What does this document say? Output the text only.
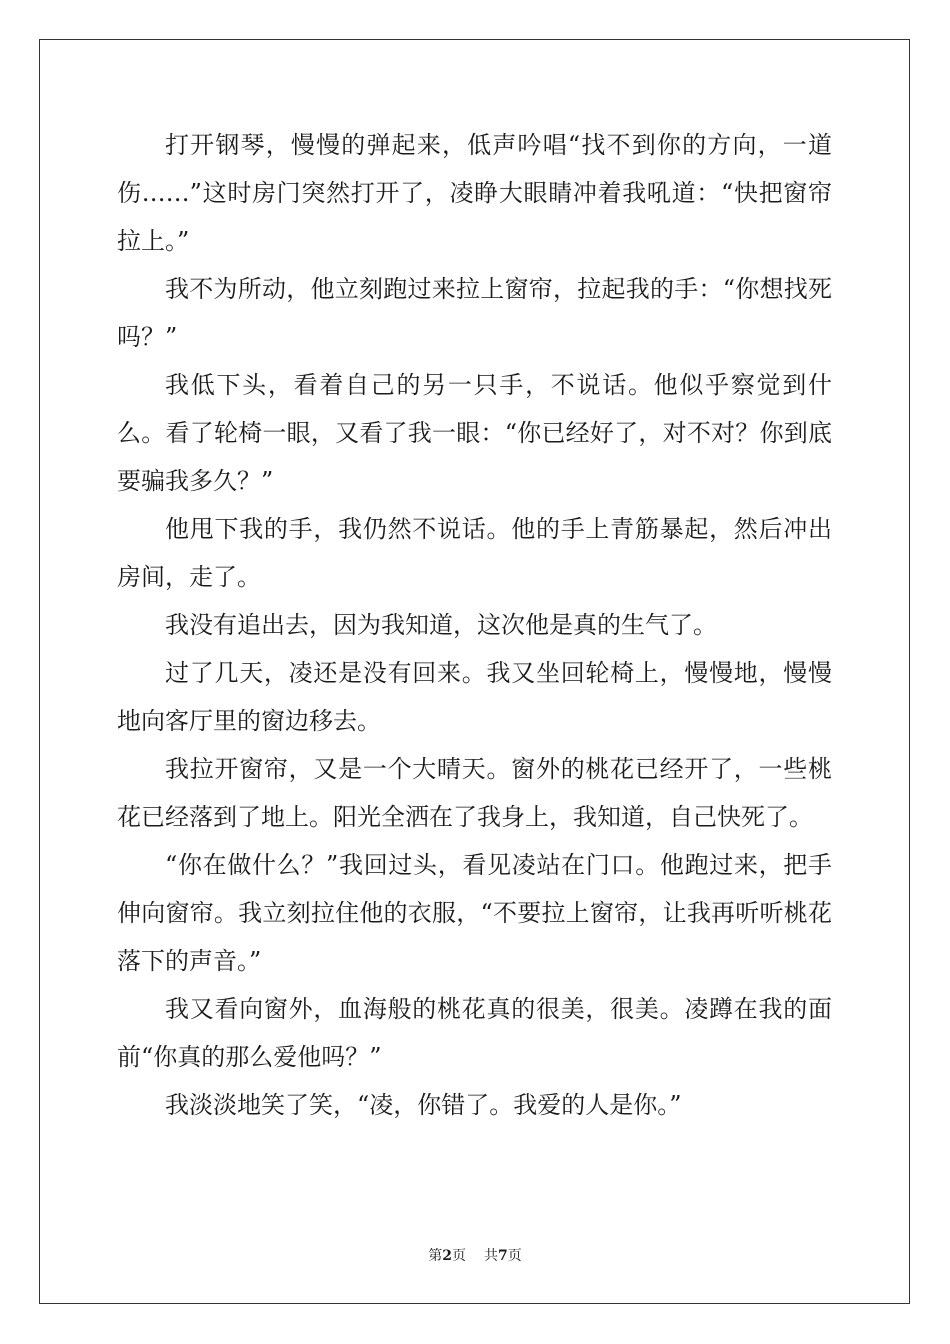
打开钢琴，慢慢的弹起来，低声吟唱“找不到你的方向，一道伤……”这时房门突然打开了，凌睁大眼睛冲着我吼道：“快把窗帘拉上。”

我不为所动，他立刻跑过来拉上窗帘，拉起我的手：“你想找死吗？”

我低下头，看着自己的另一只手，不说话。他似乎察觉到什么。看了轮椅一眼，又看了我一眼：“你已经好了，对不对？你到底要骗我多久？”

他甩下我的手，我仍然不说话。他的手上青筋暴起，然后冲出房间，走了。

我没有追出去，因为我知道，这次他是真的生气了。

过了几天，凌还是没有回来。我又坐回轮椅上，慢慢地，慢慢地向客厅里的窗边移去。

我拉开窗帘，又是一个大晴天。窗外的桃花已经开了，一些桃花已经落到了地上。阳光全洒在了我身上，我知道，自己快死了。

“你在做什么？”我回过头，看见凌站在门口。他跑过来，把手伸向窗帘。我立刻拉住他的衣服，“不要拉上窗帘，让我再听听桃花落下的声音。”

我又看向窗外，血海般的桃花真的很美，很美。凌蹲在我的面前“你真的那么爱他吗？”

我淡淡地笑了笑，“凌，你错了。我爱的人是你。”

第2页 共7页
